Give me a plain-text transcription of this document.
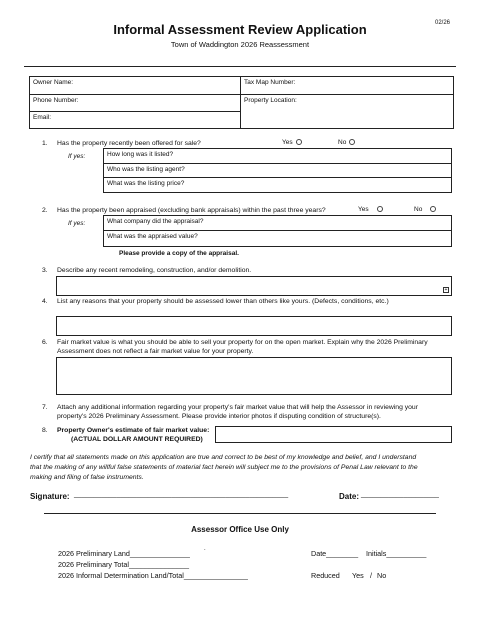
Informal Assessment Review Application
Town of Waddington 2026 Reassessment
02/26
Owner Name:	Tax Map Number:
Phone Number:	Property Location:
Email:
1. Has the property recently been offered for sale?	Yes	No
If yes:	How long was it listed?
Who was the listing agent?
What was the listing price?
2. Has the property been appraised (excluding bank appraisals) within the past three years?	Yes	No
If yes:	What company did the appraisal?
What was the appraised value?
Please provide a copy of the appraisal.
3. Describe any recent remodeling, construction, and/or demolition.
+
4. List any reasons that your property should be assessed lower than others like yours. (Defects, conditions, etc.)
6. Fair market value is what you should be able to sell your property for on the open market. Explain why the 2026 Preliminary
Assessment does not reflect a fair market value for your property.
7. Attach any additional information regarding your property's fair market value that will help the Assessor in reviewing your
property's 2026 Preliminary Assessment. Please provide interior photos if disputing condition of structure(s).
8. Property Owner's estimate of fair market value:
(ACTUAL DOLLAR AMOUNT REQUIRED)
I certify that all statements made on this application are true and correct to be best of my knowledge and belief, and I understand
that the making of any willful false statements of material fact herein will subject me to the provisions of Penal Law relevant to the
making and filing of false instruments.
Signature: _______________________________________________________	Date: ____________________
Assessor Office Use Only
2026 Preliminary Land_______________ .
2026 Preliminary Total_______________
2026 Informal Determination Land/Total________________
Date________ Initials__________
Reduced Yes / No
